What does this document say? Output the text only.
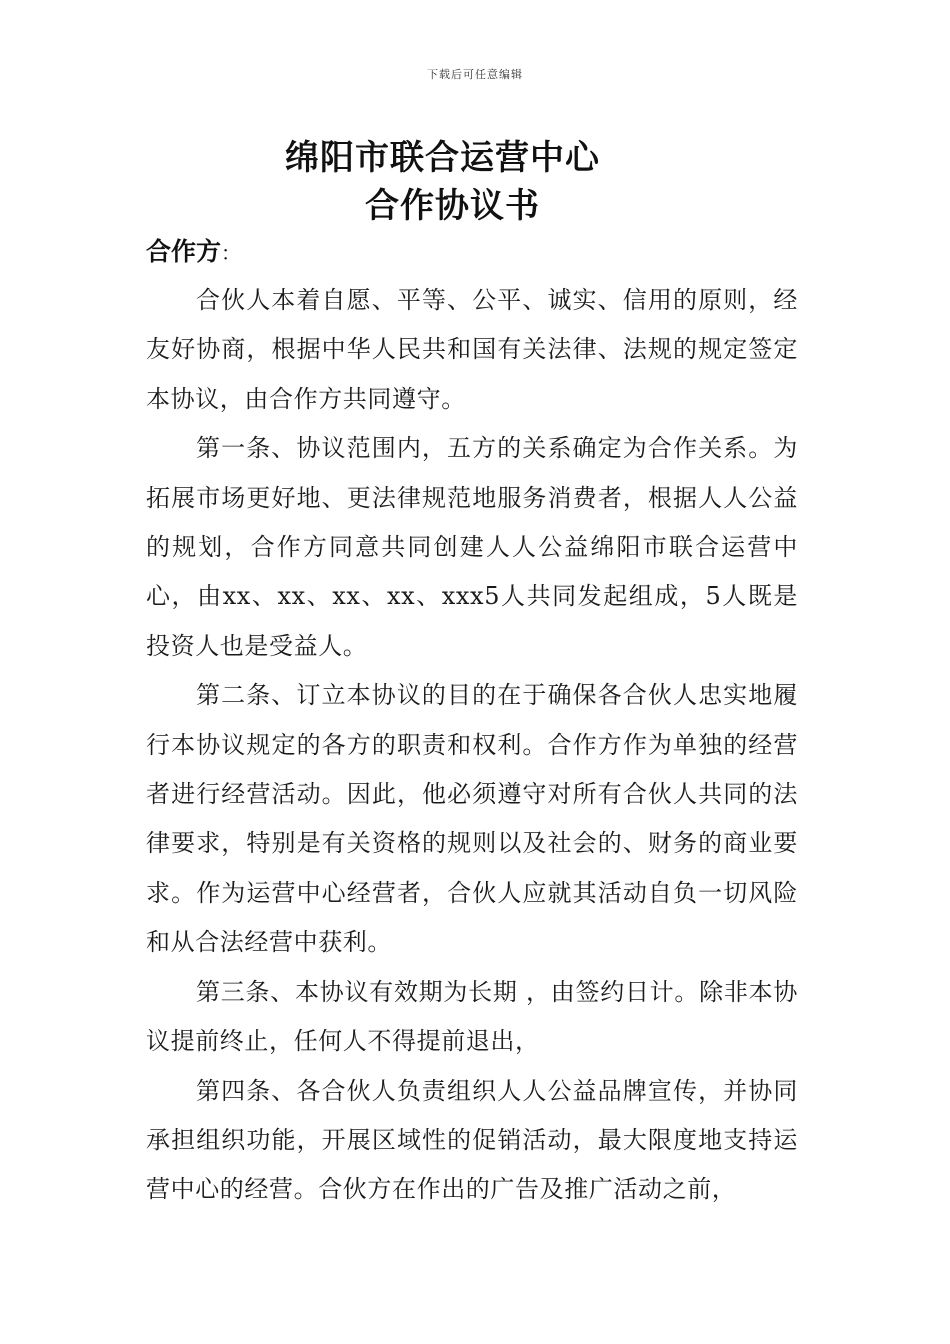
下载后可任意编辑
绵阳市联合运营中心
合作协议书
合作方：

合伙人本着自愿、平等、公平、诚实、信用的原则，经友好协商，根据中华人民共和国有关法律、法规的规定签定本协议，由合作方共同遵守。

第一条、协议范围内，五方的关系确定为合作关系。为拓展市场更好地、更法律规范地服务消费者，根据人人公益的规划，合作方同意共同创建人人公益绵阳市联合运营中心，由xx、xx、xx、xx、xxx5人共同发起组成，5人既是投资人也是受益人。

第二条、订立本协议的目的在于确保各合伙人忠实地履行本协议规定的各方的职责和权利。合作方作为单独的经营者进行经营活动。因此，他必须遵守对所有合伙人共同的法律要求，特别是有关资格的规则以及社会的、财务的商业要求。作为运营中心经营者，合伙人应就其活动自负一切风险和从合法经营中获利。

第三条、本协议有效期为长期 ，由签约日计。除非本协议提前终止，任何人不得提前退出，

第四条、各合伙人负责组织人人公益品牌宣传，并协同承担组织功能，开展区域性的促销活动，最大限度地支持运营中心的经营。合伙方在作出的广告及推广活动之前，
